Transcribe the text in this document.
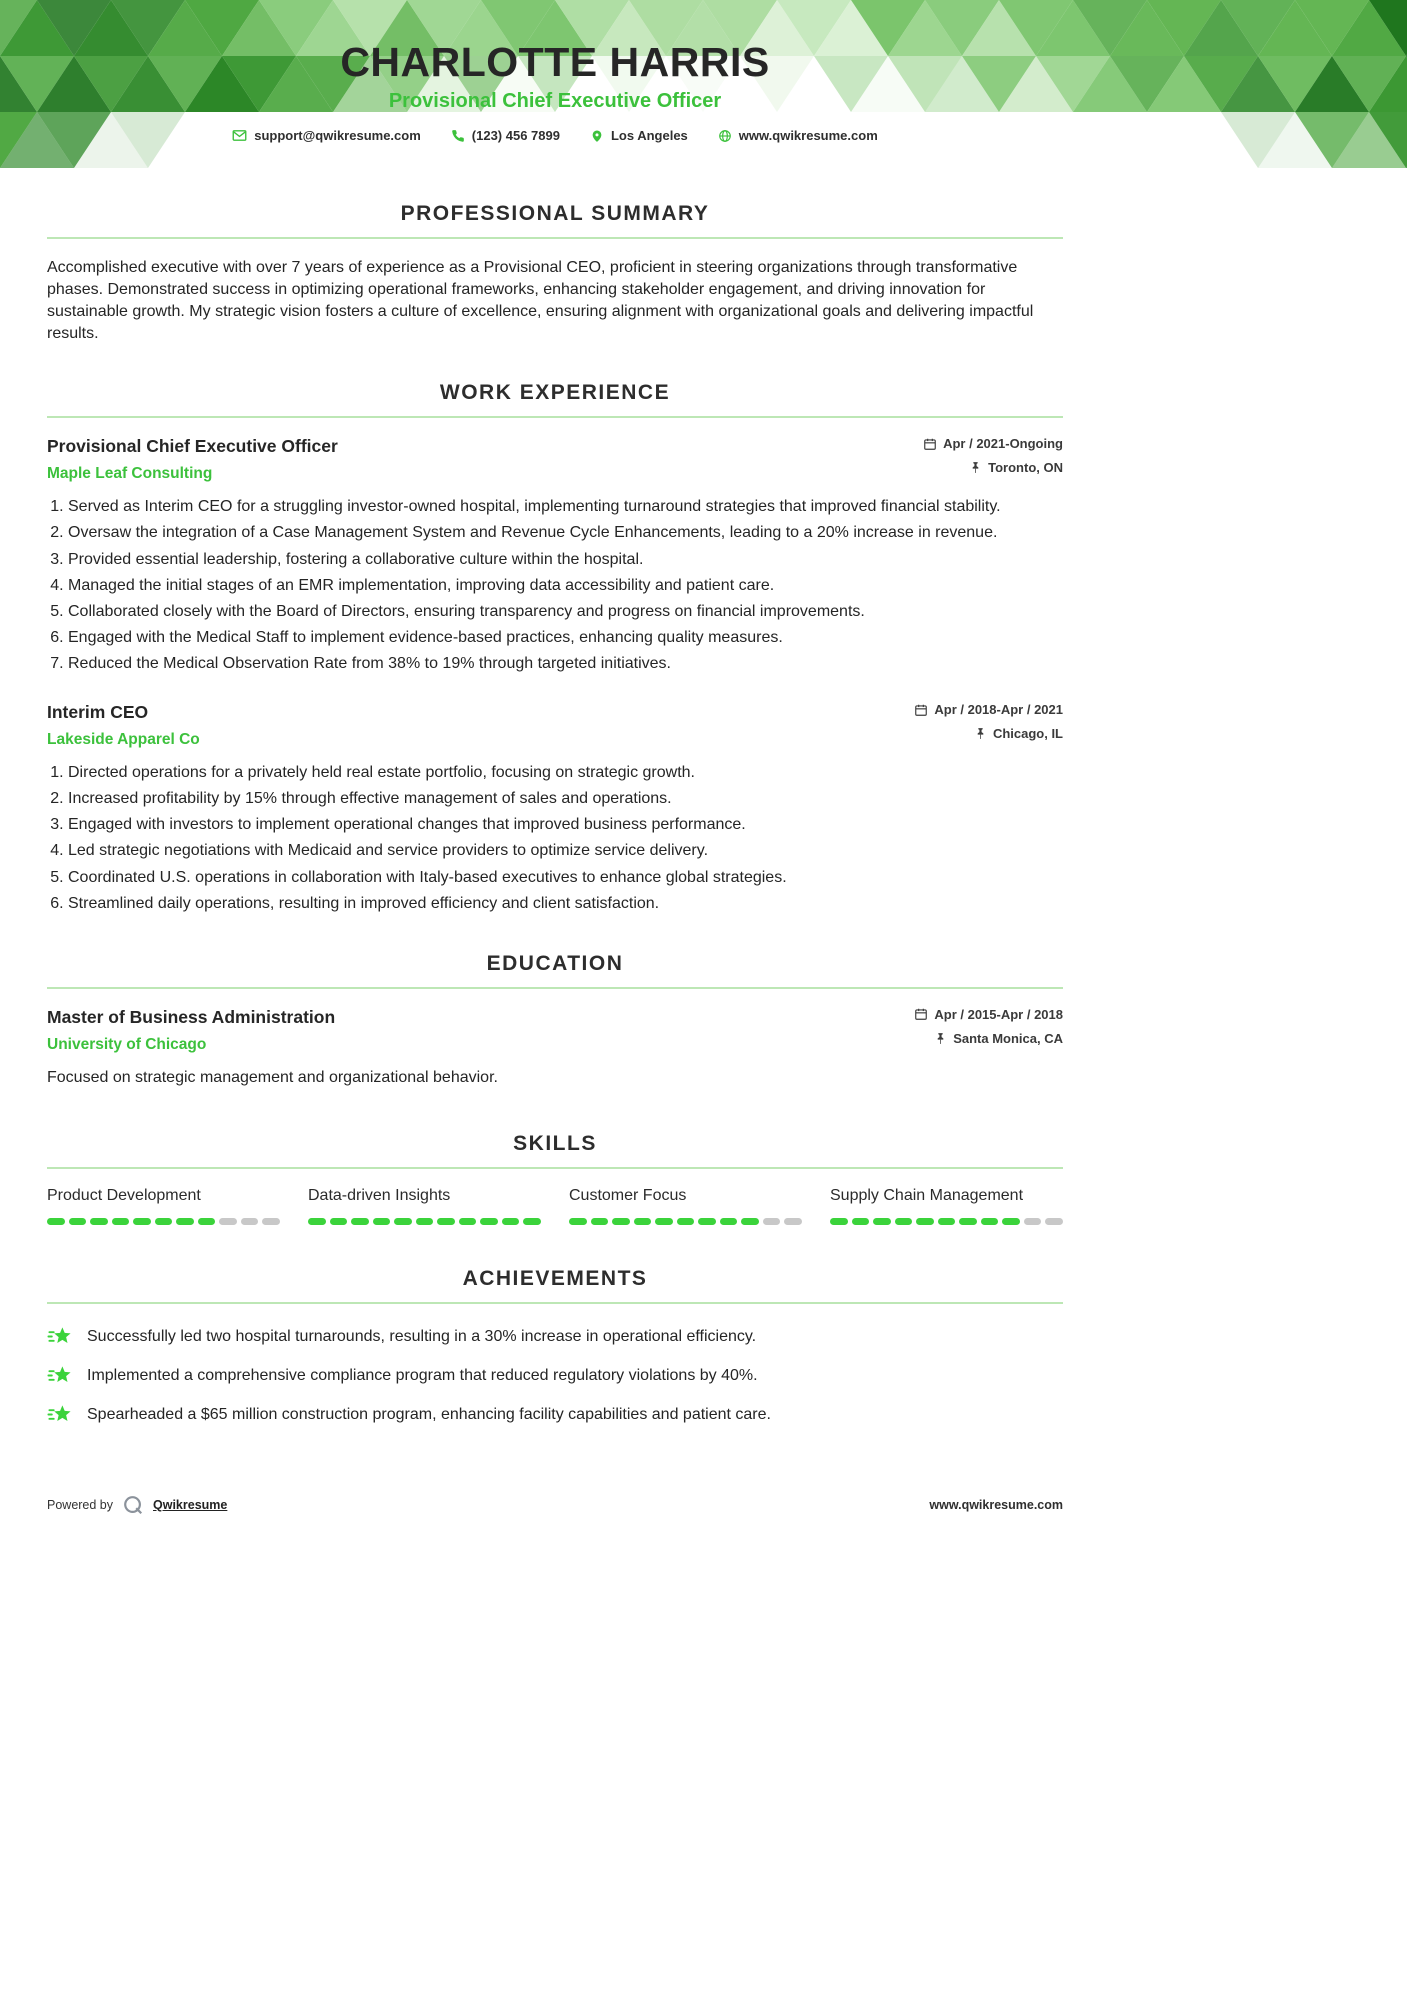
CHARLOTTE HARRIS
Provisional Chief Executive Officer
support@qwikresume.com	(123) 456 7899	Los Angeles	www.qwikresume.com
PROFESSIONAL SUMMARY

Accomplished executive with over 7 years of experience as a Provisional CEO, proficient in steering organizations through transformative phases. Demonstrated success in optimizing operational frameworks, enhancing stakeholder engagement, and driving innovation for sustainable growth. My strategic vision fosters a culture of excellence, ensuring alignment with organizational goals and delivering impactful results.

WORK EXPERIENCE
Provisional Chief Executive Officer
Maple Leaf Consulting
Apr / 2021-Ongoing
Toronto, ON
1. Served as Interim CEO for a struggling investor-owned hospital, implementing turnaround strategies that improved financial stability.
2. Oversaw the integration of a Case Management System and Revenue Cycle Enhancements, leading to a 20% increase in revenue.
3. Provided essential leadership, fostering a collaborative culture within the hospital.
4. Managed the initial stages of an EMR implementation, improving data accessibility and patient care.
5. Collaborated closely with the Board of Directors, ensuring transparency and progress on financial improvements.
6. Engaged with the Medical Staff to implement evidence-based practices, enhancing quality measures.
7. Reduced the Medical Observation Rate from 38% to 19% through targeted initiatives.
Interim CEO
Lakeside Apparel Co
Apr / 2018-Apr / 2021
Chicago, IL
1. Directed operations for a privately held real estate portfolio, focusing on strategic growth.
2. Increased profitability by 15% through effective management of sales and operations.
3. Engaged with investors to implement operational changes that improved business performance.
4. Led strategic negotiations with Medicaid and service providers to optimize service delivery.
5. Coordinated U.S. operations in collaboration with Italy-based executives to enhance global strategies.
6. Streamlined daily operations, resulting in improved efficiency and client satisfaction.
EDUCATION
Master of Business Administration
University of Chicago
Apr / 2015-Apr / 2018
Santa Monica, CA

Focused on strategic management and organizational behavior.

SKILLS
Product Development	Data-driven Insights	Customer Focus	Supply Chain Management
ACHIEVEMENTS
Successfully led two hospital turnarounds, resulting in a 30% increase in operational efficiency.
Implemented a comprehensive compliance program that reduced regulatory violations by 40%.
Spearheaded a $65 million construction program, enhancing facility capabilities and patient care.
Powered by	Qwikresume	www.qwikresume.com
